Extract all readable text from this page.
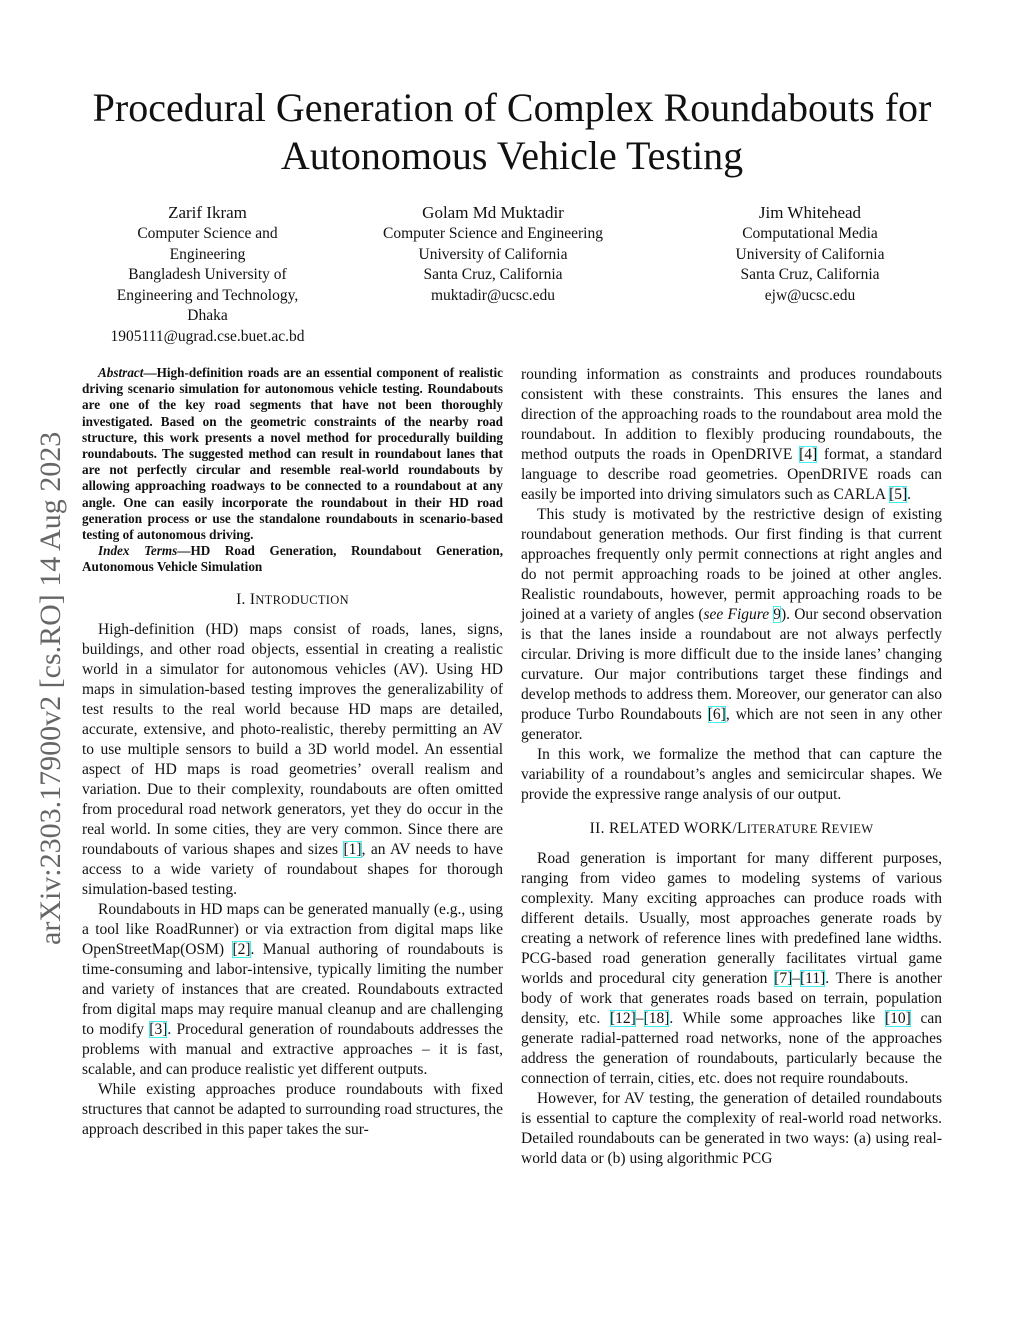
Procedural Generation of Complex Roundabouts for
Autonomous Vehicle Testing
Zarif Ikram
Computer Science and Engineering
Bangladesh University of
Engineering and Technology, Dhaka
1905111@ugrad.cse.buet.ac.bd
Golam Md Muktadir
Computer Science and Engineering
University of California
Santa Cruz, California
muktadir@ucsc.edu
Jim Whitehead
Computational Media
University of California
Santa Cruz, California
ejw@ucsc.edu
arXiv:2303.17900v2 [cs.RO] 14 Aug 2023

Abstract—High-definition roads are an essential component of realistic driving scenario simulation for autonomous vehicle testing. Roundabouts are one of the key road segments that have not been thoroughly investigated. Based on the geometric constraints of the nearby road structure, this work presents a novel method for procedurally building roundabouts. The suggested method can result in roundabout lanes that are not perfectly circular and resemble real-world roundabouts by allowing approaching roadways to be connected to a roundabout at any angle. One can easily incorporate the roundabout in their HD road generation process or use the standalone roundabouts in scenario-based testing of autonomous driving.

Index Terms—HD Road Generation, Roundabout Generation, Autonomous Vehicle Simulation

I. INTRODUCTION

High-definition (HD) maps consist of roads, lanes, signs, buildings, and other road objects, essential in creating a realistic world in a simulator for autonomous vehicles (AV). Using HD maps in simulation-based testing improves the generalizability of test results to the real world because HD maps are detailed, accurate, extensive, and photo-realistic, thereby permitting an AV to use multiple sensors to build a 3D world model. An essential aspect of HD maps is road geometries’ overall realism and variation. Due to their complexity, roundabouts are often omitted from procedural road network generators, yet they do occur in the real world. In some cities, they are very common. Since there are roundabouts of various shapes and sizes [1], an AV needs to have access to a wide variety of roundabout shapes for thorough simulation-based testing.

Roundabouts in HD maps can be generated manually (e.g., using a tool like RoadRunner) or via extraction from digital maps like OpenStreetMap(OSM) [2]. Manual authoring of roundabouts is time-consuming and labor-intensive, typically limiting the number and variety of instances that are created. Roundabouts extracted from digital maps may require manual cleanup and are challenging to modify [3]. Procedural generation of roundabouts addresses the problems with manual and extractive approaches – it is fast, scalable, and can produce realistic yet different outputs.

While existing approaches produce roundabouts with fixed structures that cannot be adapted to surrounding road structures, the approach described in this paper takes the sur-

rounding information as constraints and produces roundabouts consistent with these constraints. This ensures the lanes and direction of the approaching roads to the roundabout area mold the roundabout. In addition to flexibly producing roundabouts, the method outputs the roads in OpenDRIVE [4] format, a standard language to describe road geometries. OpenDRIVE roads can easily be imported into driving simulators such as CARLA [5].

This study is motivated by the restrictive design of existing roundabout generation methods. Our first finding is that current approaches frequently only permit connections at right angles and do not permit approaching roads to be joined at other angles. Realistic roundabouts, however, permit approaching roads to be joined at a variety of angles (see Figure 9). Our second observation is that the lanes inside a roundabout are not always perfectly circular. Driving is more difficult due to the inside lanes’ changing curvature. Our major contributions target these findings and develop methods to address them. Moreover, our generator can also produce Turbo Roundabouts [6], which are not seen in any other generator.

In this work, we formalize the method that can capture the variability of a roundabout’s angles and semicircular shapes. We provide the expressive range analysis of our output.

II. RELATED WORK/LITERATURE REVIEW

Road generation is important for many different purposes, ranging from video games to modeling systems of various complexity. Many exciting approaches can produce roads with different details. Usually, most approaches generate roads by creating a network of reference lines with predefined lane widths. PCG-based road generation generally facilitates virtual game worlds and procedural city generation [7]–[11]. There is another body of work that generates roads based on terrain, population density, etc. [12]–[18]. While some approaches like [10] can generate radial-patterned road networks, none of the approaches address the generation of roundabouts, particularly because the connection of terrain, cities, etc. does not require roundabouts.

However, for AV testing, the generation of detailed roundabouts is essential to capture the complexity of real-world road networks. Detailed roundabouts can be generated in two ways: (a) using real-world data or (b) using algorithmic PCG
